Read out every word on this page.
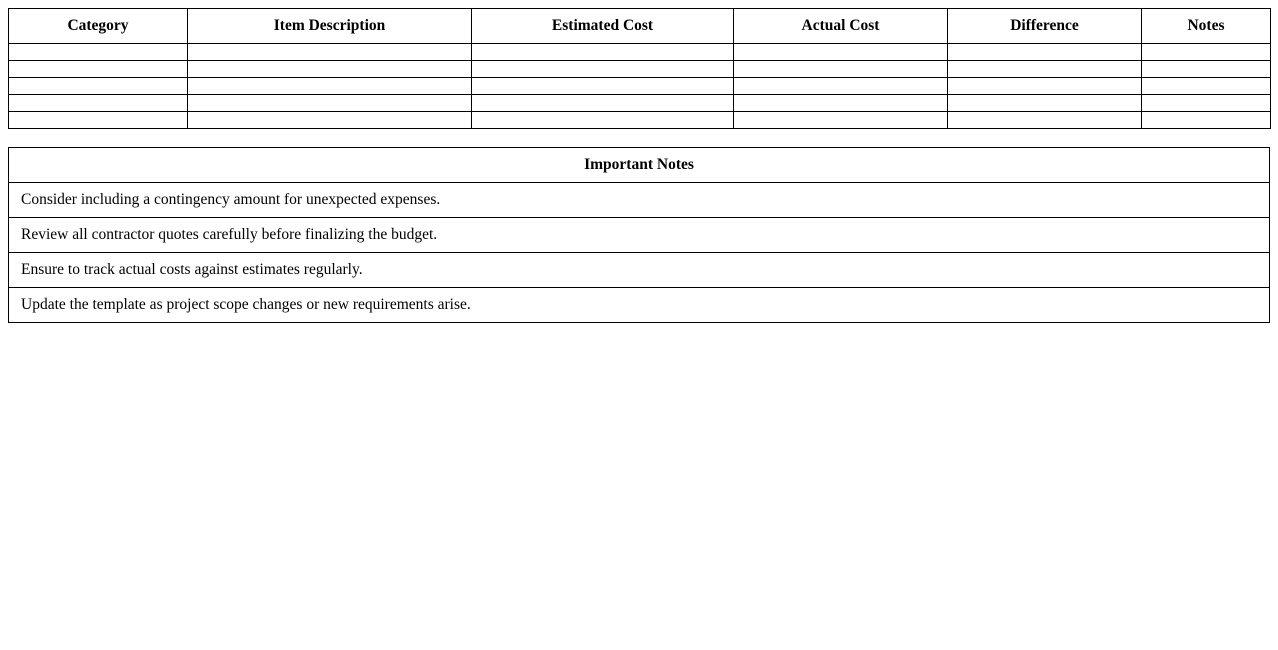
Category	Item Description	Estimated Cost	Actual Cost	Difference	Notes

Important Notes
Consider including a contingency amount for unexpected expenses.
Review all contractor quotes carefully before finalizing the budget.
Ensure to track actual costs against estimates regularly.
Update the template as project scope changes or new requirements arise.
